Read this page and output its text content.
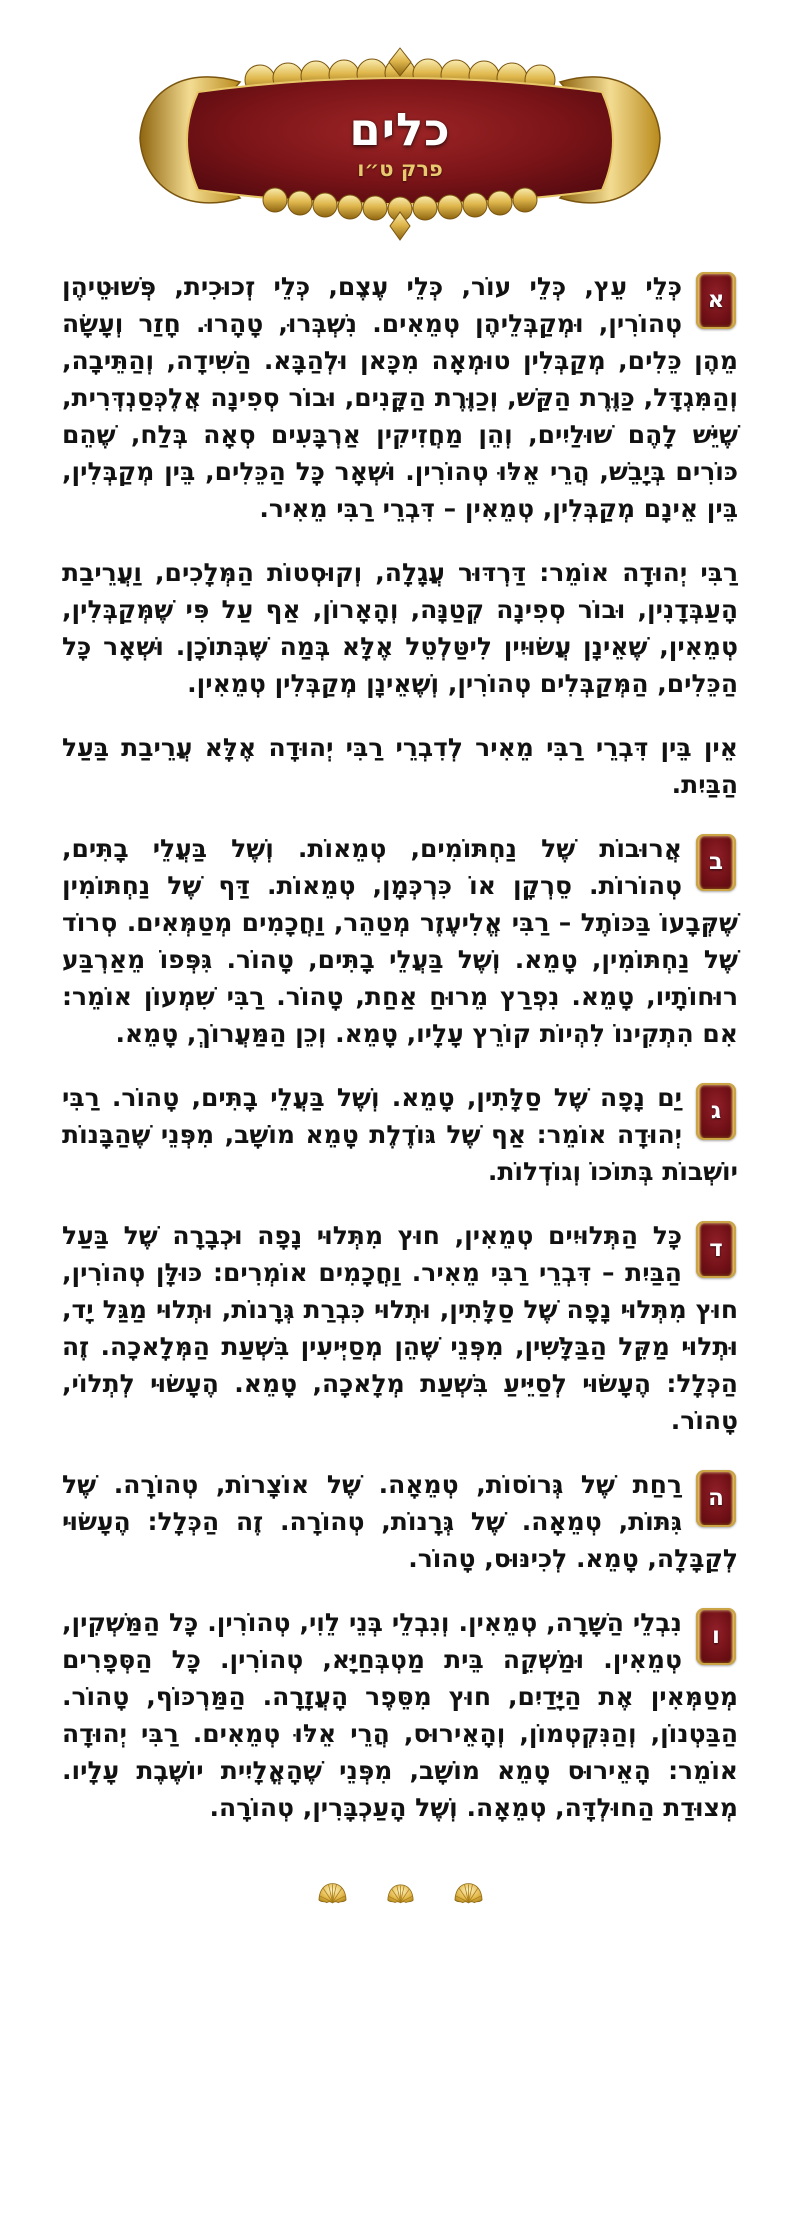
כלים
פרק ט״ו
א
כְּלֵי עֵץ, כְּלֵי עוֹר, כְּלֵי עֶצֶם, כְּלֵי זְכוּכִית, פְּשׁוּטֵיהֶן טְהוֹרִין, וּמְקַבְּלֵיהֶן טְמֵאִים. נִשְׁבְּרוּ, טָהָרוּ. חָזַר וְעָשָׂה מֵהֶן כֵּלִים, מְקַבְּלִין טוּמְאָה מִכָּאן וּלְהַבָּא. הַשִּׁידָה, וְהַתֵּיבָה, וְהַמִּגְדָּל, כַּוֶּרֶת הַקַּשׁ, וְכַוֶּרֶת הַקָּנִים, וּבוֹר סְפִינָה אֲלֶכְּסַנְדְּרִית, שֶׁיֵּשׁ לָהֶם שׁוּלַיִים, וְהֵן מַחֲזִיקִין אַרְבָּעִים סְאָה בְּלַח, שֶׁהֵם כּוֹרִים בְּיָבֵשׁ, הֲרֵי אֵלּוּ טְהוֹרִין. וּשְׁאָר כָּל הַכֵּלִים, בֵּין מְקַבְּלִין, בֵּין אֵינָם מְקַבְּלִין, טְמֵאִין – דִּבְרֵי רַבִּי מֵאִיר.
רַבִּי יְהוּדָה אוֹמֵר: דַּרְדּוּר עֲגָלָה, וְקוּסְטוֹת הַמְּלָכִים, וַעֲרֵיבַת הָעַבְּדָנִין, וּבוֹר סְפִינָה קְטַנָּה, וְהָאָרוֹן, אַף עַל פִּי שֶׁמְּקַבְּלִין, טְמֵאִין, שֶׁאֵינָן עֲשׂוּיִין לִיטַּלְטֵל אֶלָּא בְּמַה שֶּׁבְּתוֹכָן. וּשְׁאָר כָּל הַכֵּלִים, הַמְּקַבְּלִים טְהוֹרִין, וְשֶׁאֵינָן מְקַבְּלִין טְמֵאִין.
אֵין בֵּין דִּבְרֵי רַבִּי מֵאִיר לְדִבְרֵי רַבִּי יְהוּדָה אֶלָּא עֲרֵיבַת בַּעַל הַבַּיִת.
ב
אֲרוּבוֹת שֶׁל נַחְתּוֹמִים, טְמֵאוֹת. וְשֶׁל בַּעֲלֵי בָתִּים, טְהוֹרוֹת. סֵרְקָן אוֹ כִּרְכְּמָן, טְמֵאוֹת. דַּף שֶׁל נַחְתּוֹמִין שֶׁקְּבָעוֹ בַּכּוֹתֶל – רַבִּי אֱלִיעֶזֶר מְטַהֵר, וַחֲכָמִים מְטַמְּאִים. סְרוֹד שֶׁל נַחְתּוֹמִין, טָמֵא. וְשֶׁל בַּעֲלֵי בָתִּים, טָהוֹר. גִּפְּפוֹ מֵאַרְבַּע רוּחוֹתָיו, טָמֵא. נִפְרַץ מֵרוּחַ אַחַת, טָהוֹר. רַבִּי שִׁמְעוֹן אוֹמֵר: אִם הִתְקִינוֹ לִהְיוֹת קוֹרֵץ עָלָיו, טָמֵא. וְכֵן הַמַּעֲרוֹךְ, טָמֵא.
ג
יַם נָפָה שֶׁל סַלָּתִין, טָמֵא. וְשֶׁל בַּעֲלֵי בָתִּים, טָהוֹר. רַבִּי יְהוּדָה אוֹמֵר: אַף שֶׁל גּוֹדֶלֶת טָמֵא מוֹשָׁב, מִפְּנֵי שֶׁהַבָּנוֹת יוֹשְׁבוֹת בְּתוֹכוֹ וְגוֹדְלוֹת.
ד
כָּל הַתְּלוּיִים טְמֵאִין, חוּץ מִתְּלוּי נָפָה וּכְבָרָה שֶׁל בַּעַל הַבַּיִת – דִּבְרֵי רַבִּי מֵאִיר. וַחֲכָמִים אוֹמְרִים: כּוּלָּן טְהוֹרִין, חוּץ מִתְּלוּי נָפָה שֶׁל סַלָּתִין, וּתְלוּי כִּבְרַת גְּרָנוֹת, וּתְלוּי מַגַּל יָד, וּתְלוּי מַקֵּל הַבַּלָּשִׁין, מִפְּנֵי שֶׁהֵן מְסַיְּיעִין בִּשְׁעַת הַמְּלָאכָה. זֶה הַכְּלָל: הֶעָשׂוּי לְסַיֵּיעַ בִּשְׁעַת מְלָאכָה, טָמֵא. הֶעָשׂוּי לְתְלוֹי, טָהוֹר.
ה
רַחַת שֶׁל גְּרוֹסוֹת, טְמֵאָה. שֶׁל אוֹצָרוֹת, טְהוֹרָה. שֶׁל גִּתּוֹת, טְמֵאָה. שֶׁל גְּרָנוֹת, טְהוֹרָה. זֶה הַכְּלָל: הֶעָשׂוּי לְקַבָּלָה, טָמֵא. לְכִינּוּס, טָהוֹר.
ו
נִבְלֵי הַשָּׁרָה, טְמֵאִין. וְנִבְלֵי בְּנֵי לֵוִי, טְהוֹרִין. כָּל הַמַּשְׁקִין, טְמֵאִין. וּמַשְׁקֵה בֵּית מַטְבְּחַיָּא, טְהוֹרִין. כָּל הַסְּפָרִים מְטַמְּאִין אֶת הַיָּדַיִם, חוּץ מִסֵּפֶר הָעֲזָרָה. הַמַּרְכּוֹף, טָהוֹר. הַבַּטְנוֹן, וְהַנִּקְטְמוֹן, וְהָאֵירוּס, הֲרֵי אֵלּוּ טְמֵאִים. רַבִּי יְהוּדָה אוֹמֵר: הָאֵירוּס טָמֵא מוֹשָׁב, מִפְּנֵי שֶׁהָאֳלָיִית יוֹשֶׁבֶת עָלָיו. מְצוּדַת הַחוּלְדָּה, טְמֵאָה. וְשֶׁל הָעַכְבָּרִין, טְהוֹרָה.
